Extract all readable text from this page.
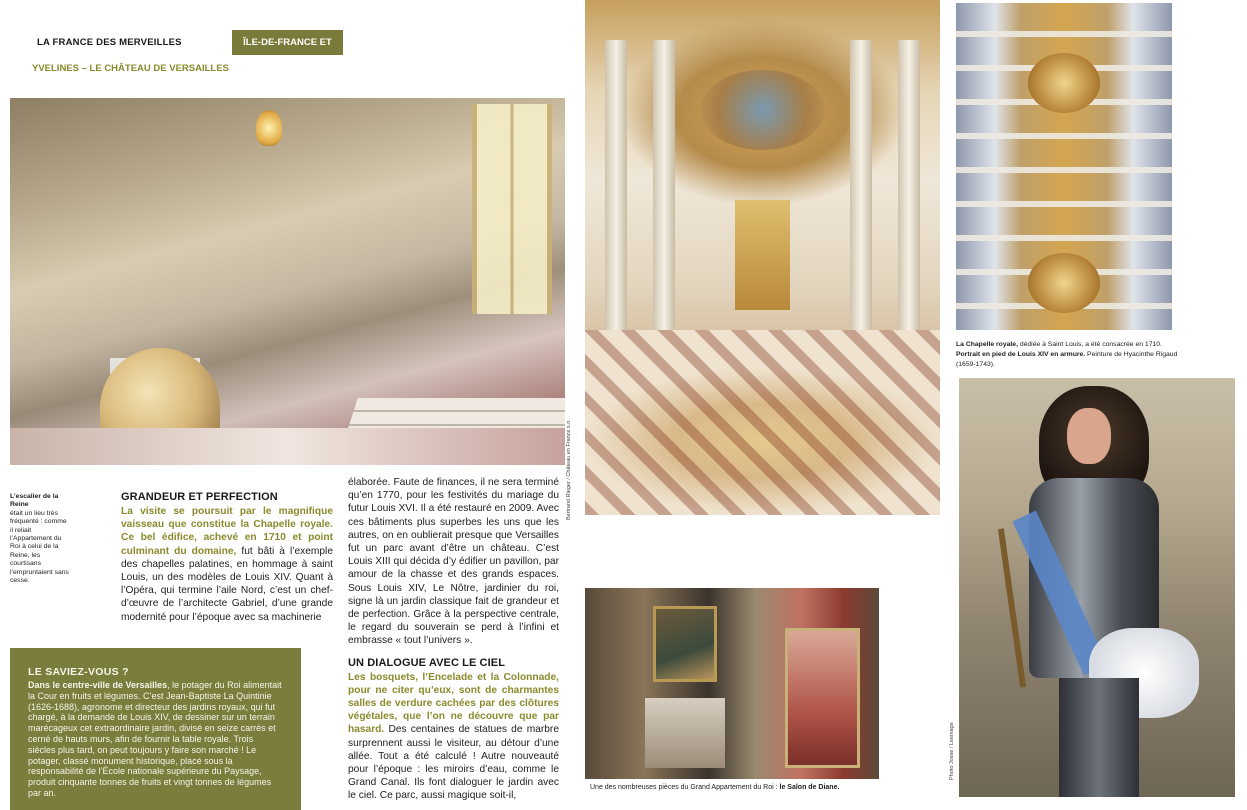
LA FRANCE DES MERVEILLES	ÎLE-DE-FRANCE ET CENTRE
YVELINES – LE CHÂTEAU DE VERSAILLES
Bertrand Rieger / Château en France s.n.
La Chapelle royale, dédiée à Saint Louis, a été consacrée en 1710.
Portrait en pied de Louis XIV en armure. Peinture de Hyacinthe Rigaud (1659-1743).
Photo Josse / Leemage
Une des nombreuses pièces du Grand Appartement du Roi : le Salon de Diane.
L’escalier de la Reine
était un lieu très fréquenté : comme il reliait l’Appartement du Roi à celui de la Reine, les courtisans l’empruntaient sans cesse.
GRANDEUR ET PERFECTION

La visite se poursuit par le magnifique vaisseau que constitue la Chapelle royale. Ce bel édifice, achevé en 1710 et point culminant du domaine, fut bâti à l’exemple des chapelles palatines, en hommage à saint Louis, un des modèles de Louis XIV. Quant à l’Opéra, qui termine l’aile Nord, c’est un chef-d’œuvre de l’architecte Gabriel, d’une grande modernité pour l’époque avec sa machinerie

élaborée. Faute de finances, il ne sera terminé qu’en 1770, pour les festivités du mariage du futur Louis XVI. Il a été restauré en 2009. Avec ces bâtiments plus superbes les uns que les autres, on en oublierait presque que Versailles fut un parc avant d’être un château. C’est Louis XIII qui décida d’y édifier un pavillon, par amour de la chasse et des grands espaces. Sous Louis XIV, Le Nôtre, jardinier du roi, signe là un jardin classique fait de grandeur et de perfection. Grâce à la perspective centrale, le regard du souverain se perd à l’infini et embrasse « tout l’univers ».

UN DIALOGUE AVEC LE CIEL

Les bosquets, l’Encelade et la Colonnade, pour ne citer qu’eux, sont de charmantes salles de verdure cachées par des clôtures végétales, que l’on ne découvre que par hasard. Des centaines de statues de marbre surprennent aussi le visiteur, au détour d’une allée. Tout a été calculé ! Autre nouveauté pour l’époque : les miroirs d’eau, comme le Grand Canal. Ils font dialoguer le jardin avec le ciel. Ce parc, aussi magique soit-il,

LE SAVIEZ-VOUS ?
Dans le centre-ville de Versailles, le potager du Roi alimentait la Cour en fruits et légumes. C’est Jean-Baptiste La Quintinie (1626-1688), agronome et directeur des jardins royaux, qui fut chargé, à la demande de Louis XIV, de dessiner sur un terrain marécageux cet extraordinaire jardin, divisé en seize carrés et cerné de hauts murs, afin de fournir la table royale. Trois siècles plus tard, on peut toujours y faire son marché ! Le potager, classé monument historique, placé sous la responsabilité de l’École nationale supérieure du Paysage, produit cinquante tonnes de fruits et vingt tonnes de légumes par an.
